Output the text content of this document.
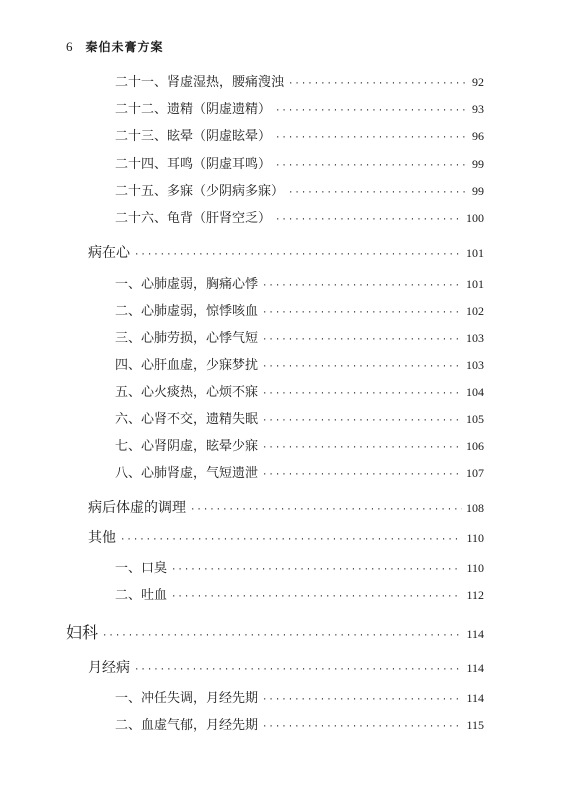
6 秦伯未膏方案
二十一、肾虚湿热，腰痛溲浊 ·····	92
二十二、遗精（阴虚遗精） ·····	93
二十三、眩晕（阴虚眩晕） ·····	96
二十四、耳鸣（阴虚耳鸣） ·····	99
二十五、多寐（少阴病多寐） ·····	99
二十六、龟背（肝肾空乏） ·····	100
病在心 ·····	101
一、心肺虚弱，胸痛心悸 ·····	101
二、心肺虚弱，惊悸咳血 ·····	102
三、心肺劳损，心悸气短 ·····	103
四、心肝血虚，少寐梦扰 ·····	103
五、心火痰热，心烦不寐 ·····	104
六、心肾不交，遗精失眠 ·····	105
七、心肾阴虚，眩晕少寐 ·····	106
八、心肺肾虚，气短遗泄 ·····	107
病后体虚的调理 ·····	108
其他 ·····	110
一、口臭 ·····	110
二、吐血 ·····	112
妇科 ·····	114
月经病 ·····	114
一、冲任失调，月经先期 ·····	114
二、血虚气郁，月经先期 ·····	115
